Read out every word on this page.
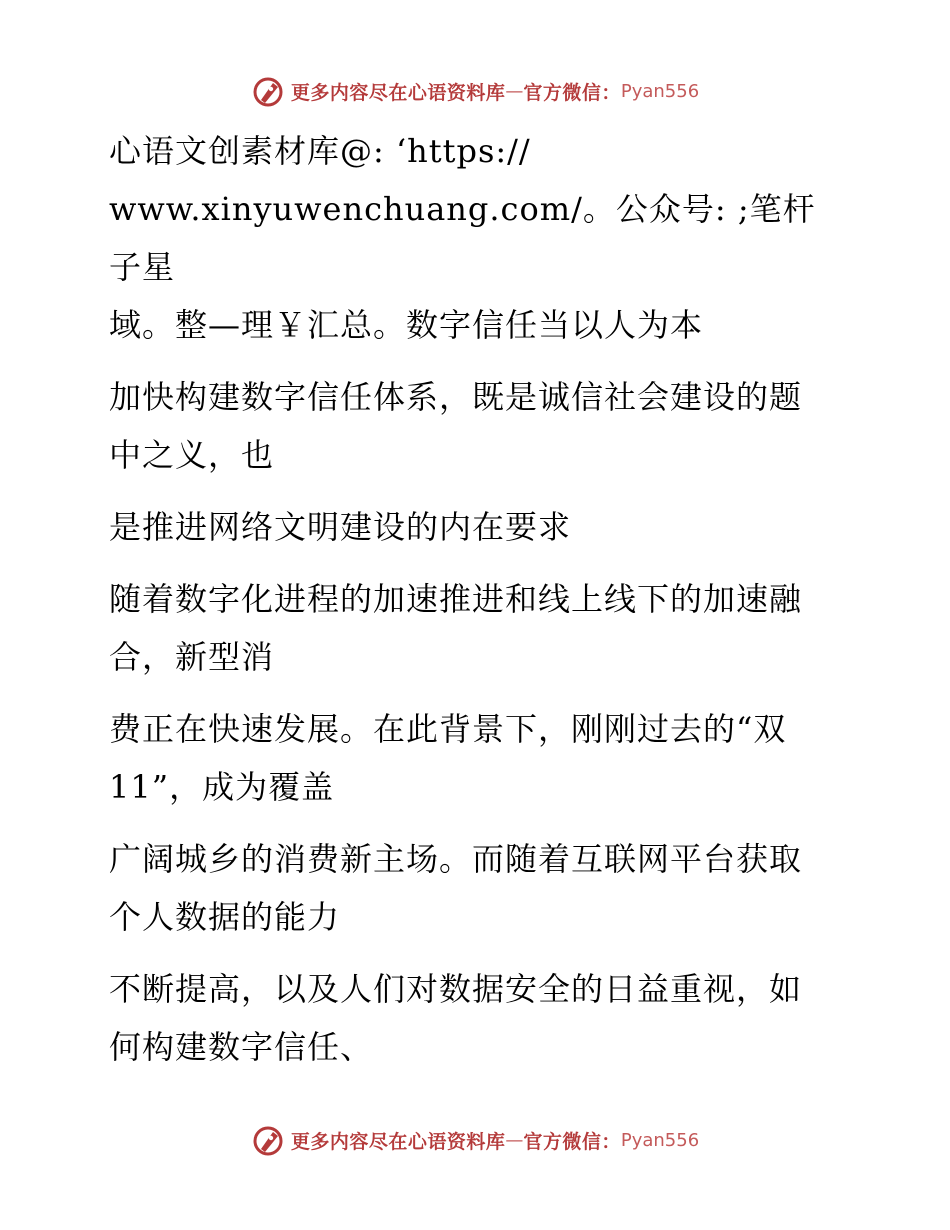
更多内容尽在心语资料库 — 官方微信： Pyan556

心语文创素材库@: ‘https://
www.xinyuwenchuang.com/。公众号: ;笔杆子星
域。整—理￥汇总。数字信任当以人为本

加快构建数字信任体系，既是诚信社会建设的题
中之义，也

是推进网络文明建设的内在要求

随着数字化进程的加速推进和线上线下的加速融
合，新型消

费正在快速发展。在此背景下，刚刚过去的“双
11”，成为覆盖

广阔城乡的消费新主场。而随着互联网平台获取
个人数据的能力

不断提高，以及人们对数据安全的日益重视，如
何构建数字信任、

更多内容尽在心语资料库 — 官方微信： Pyan556
